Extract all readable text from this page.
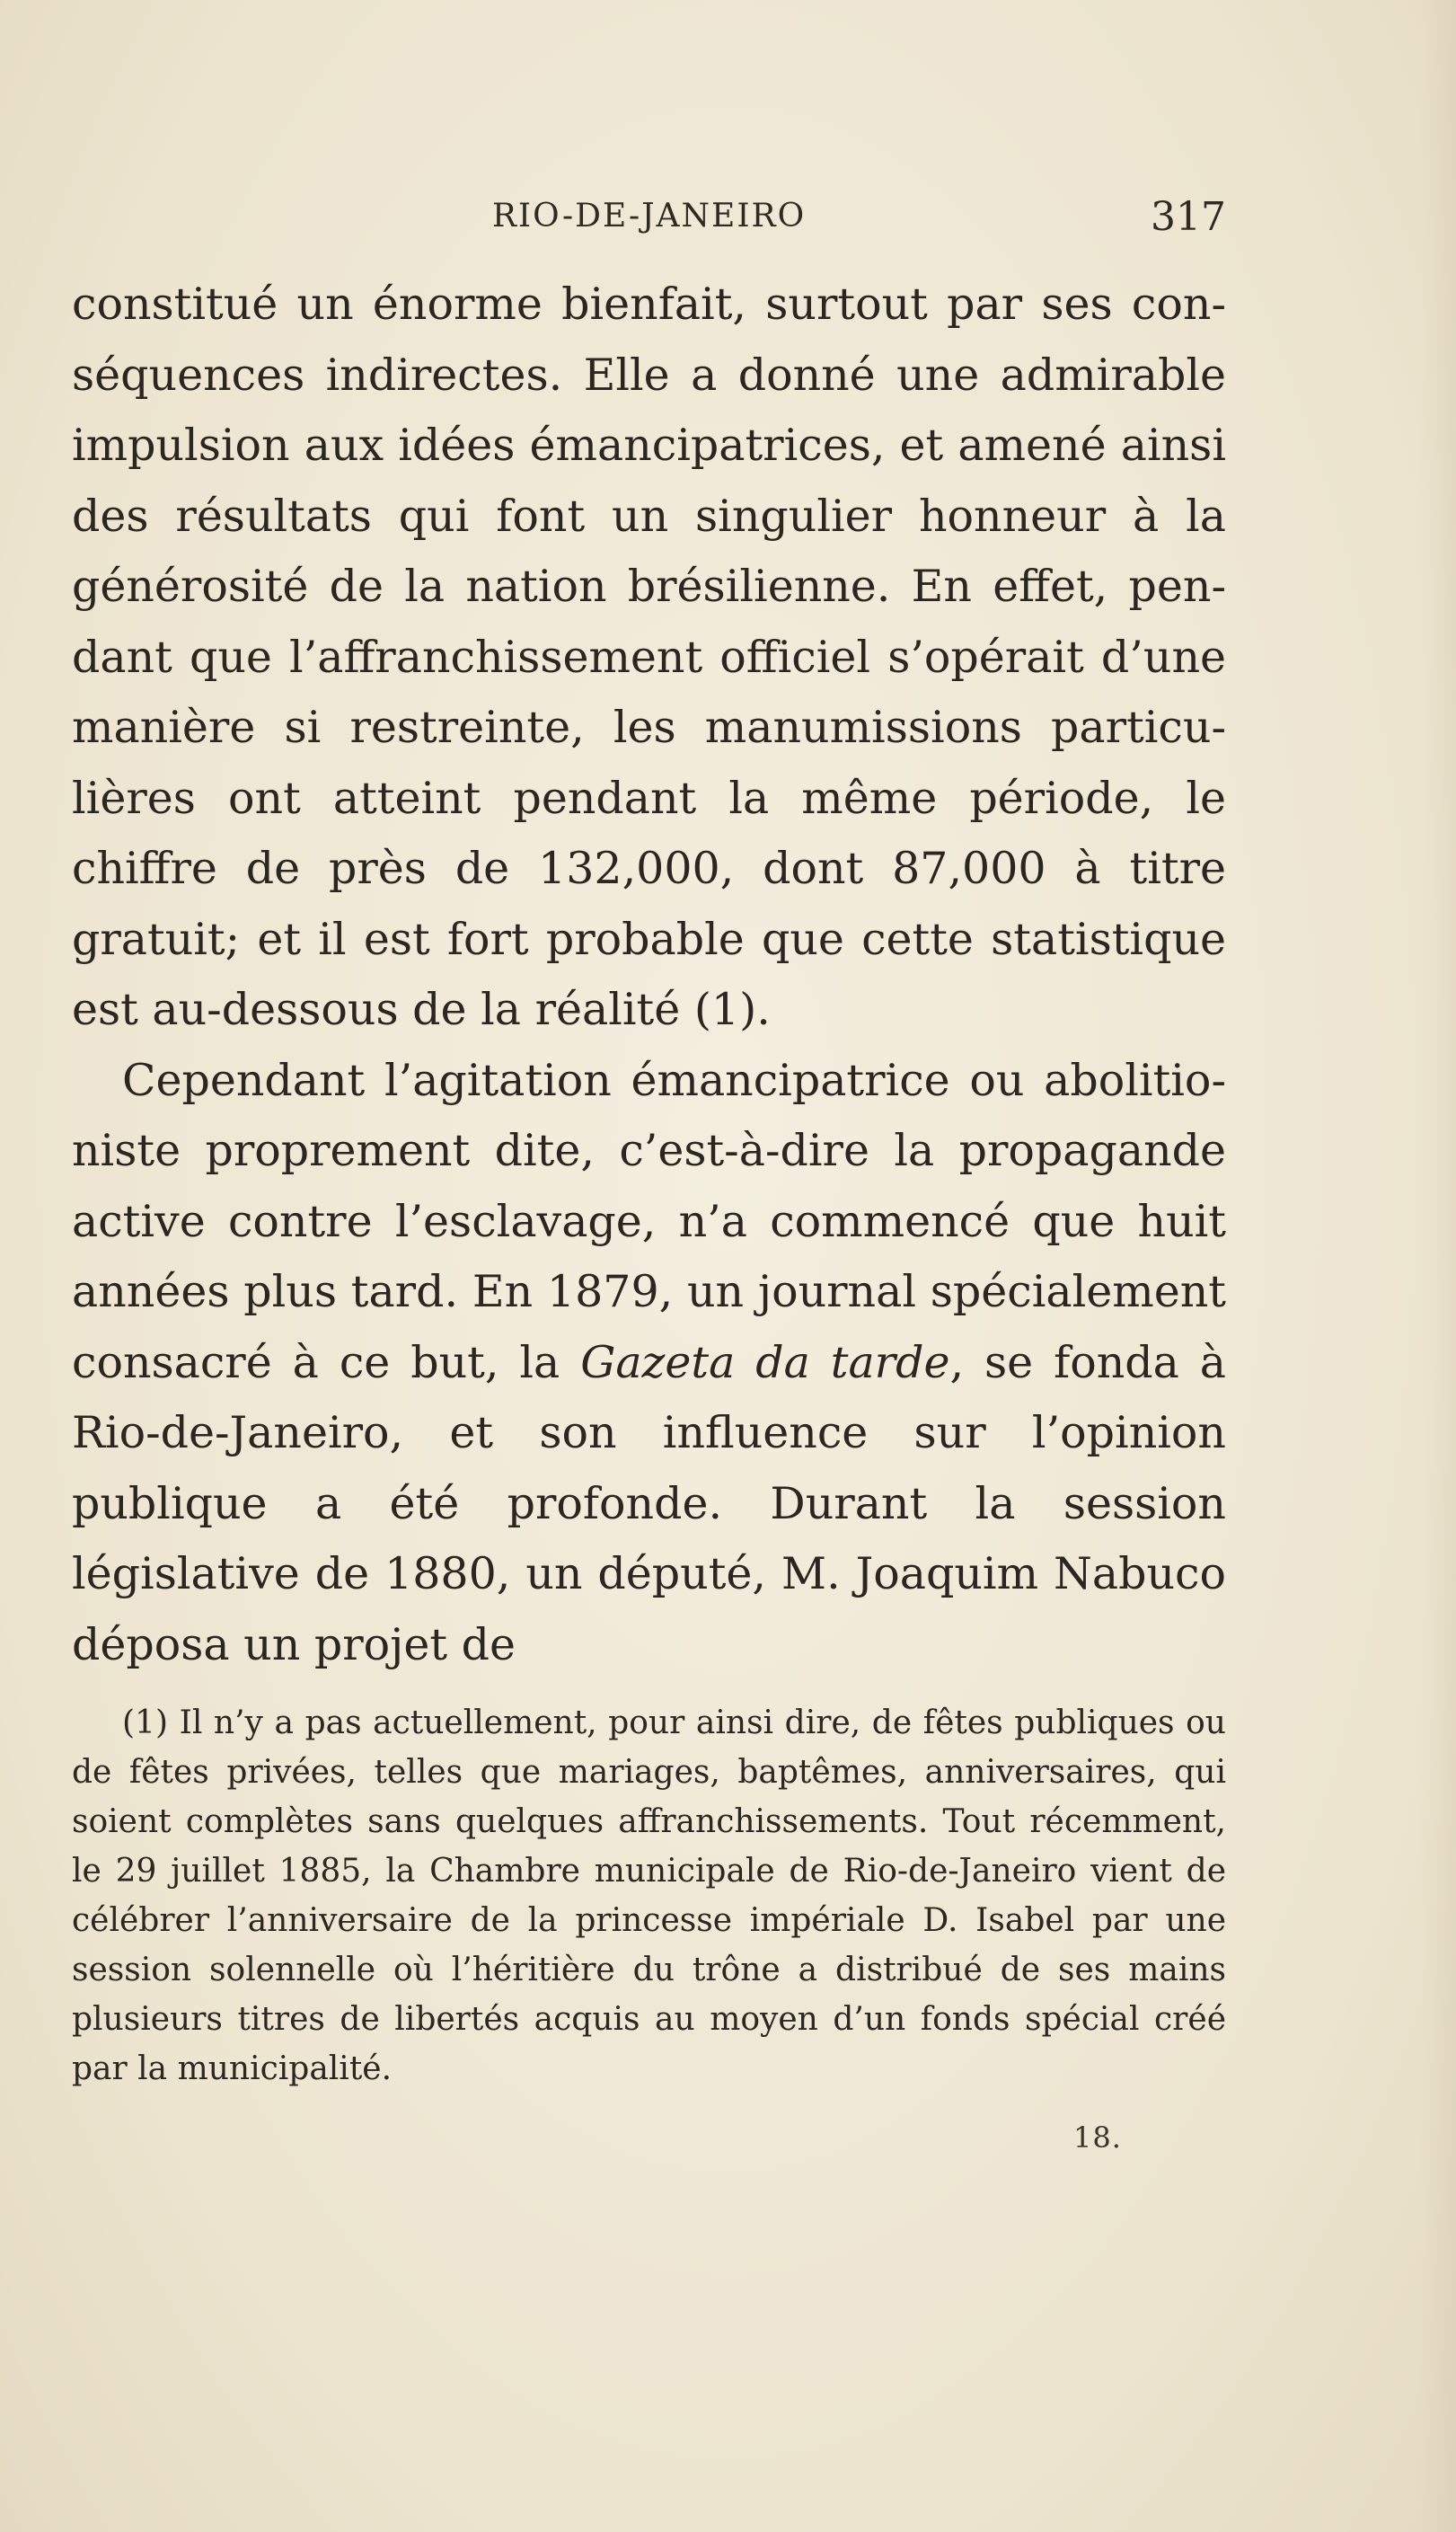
RIO-DE-JANEIRO	317

constitué un énorme bienfait, surtout par ses conséquences indirectes. Elle a donné une admirable impulsion aux idées émancipatrices, et amené ainsi des résultats qui font un singulier honneur à la générosité de la nation brésilienne. En effet, pendant que l’affranchissement officiel s’opérait d’une manière si restreinte, les manumissions particulières ont atteint pendant la même période, le chiffre de près de 132,000, dont 87,000 à titre gratuit; et il est fort probable que cette statistique est au-dessous de la réalité (1).

Cependant l’agitation émancipatrice ou abolitioniste proprement dite, c’est-à-dire la propagande active contre l’esclavage, n’a commencé que huit années plus tard. En 1879, un journal spécialement consacré à ce but, la Gazeta da tarde, se fonda à Rio-de-Janeiro, et son influence sur l’opinion publique a été profonde. Durant la session législative de 1880, un député, M. Joaquim Nabuco déposa un projet de

(1) Il n’y a pas actuellement, pour ainsi dire, de fêtes publiques ou de fêtes privées, telles que mariages, baptêmes, anniversaires, qui soient complètes sans quelques affranchissements. Tout récemment, le 29 juillet 1885, la Chambre municipale de Rio-de-Janeiro vient de célébrer l’anniversaire de la princesse impériale D. Isabel par une session solennelle où l’héritière du trône a distribué de ses mains plusieurs titres de libertés acquis au moyen d’un fonds spécial créé par la municipalité.

18.
